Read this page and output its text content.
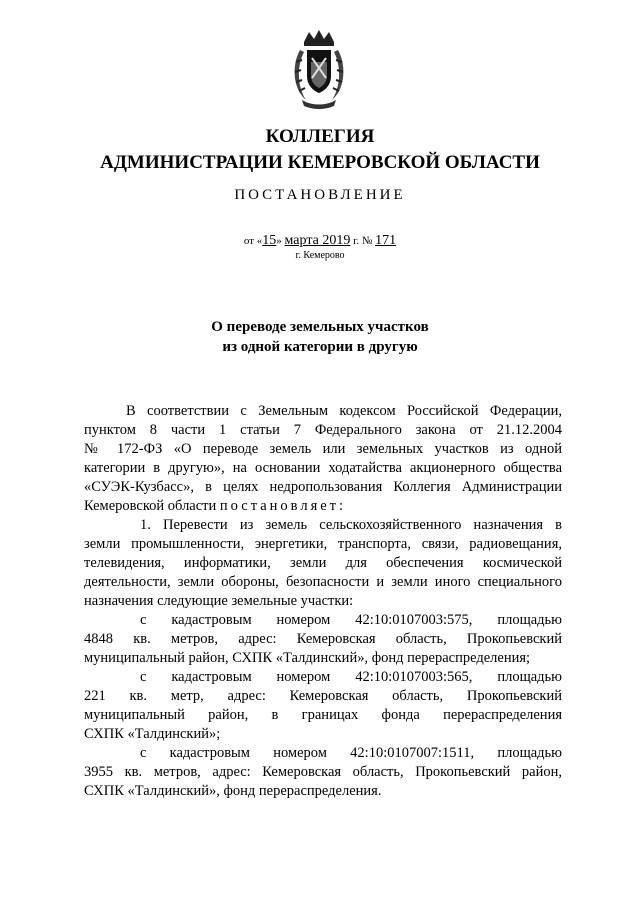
КОЛЛЕГИЯ
АДМИНИСТРАЦИИ КЕМЕРОВСКОЙ ОБЛАСТИ
ПОСТАНОВЛЕНИЕ
от «15» марта 2019 г. № 171
г. Кемерово
О переводе земельных участков
из одной категории в другую

В соответствии с Земельным кодексом Российской Федерации,

пунктом 8 части 1 статьи 7 Федерального закона от 21.12.2004

№ 172-ФЗ «О переводе земель или земельных участков из одной

категории в другую», на основании ходатайства акционерного общества

«СУЭК-Кузбасс», в целях недропользования Коллегия Администрации

Кемеровской области постановляет:

1. Перевести из земель сельскохозяйственного назначения в

земли промышленности, энергетики, транспорта, связи, радиовещания,

телевидения, информатики, земли для обеспечения космической

деятельности, земли обороны, безопасности и земли иного специального

назначения следующие земельные участки:

с кадастровым номером 42:10:0107003:575, площадью

4848 кв. метров, адрес: Кемеровская область, Прокопьевский

муниципальный район, СХПК «Талдинский», фонд перераспределения;

с кадастровым номером 42:10:0107003:565, площадью

221 кв. метр, адрес: Кемеровская область, Прокопьевский

муниципальный район, в границах фонда перераспределения

СХПК «Талдинский»;

с кадастровым номером 42:10:0107007:1511, площадью

3955 кв. метров, адрес: Кемеровская область, Прокопьевский район,

СХПК «Талдинский», фонд перераспределения.
